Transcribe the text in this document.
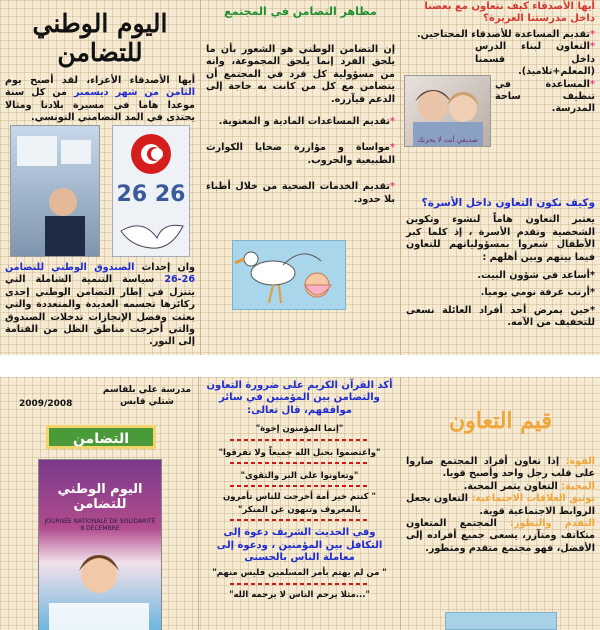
أيها الأصدقاء كيف نتعاون مع بعضنا داخل مدرستنا العزيزة؟

*تقديم المساعدة للأصدقاء المحتاجين.

*التعاون لبناء الدرس داخل قسمنا (المعلم+تلاميذ).

*المساعدة في تنظيف ساحة المدرسة.

صديقي أنت لا يحزنك

وكيف نكون التعاون داخل الأسرة؟

يعتبر التعاون هاماً لنشوء وتكوين الشخصية وتقدم الأسرة ، إذ كلما كبر الأطفال شعروا بمسؤولياتهم للتعاون فيما بينهم وبين أهلهم :

*أساعد في شؤون البيت.

*أرتب غرفة نومي يوميا.

*حين يمرض أحد أفراد العائلة نسعى للتخفيف من الآمه.

مظاهر التضامن في المجتمع

إن التضامن الوطني هو الشعور بأن ما يلحق الفرد إنما يلحق المجموعة، وانه من مسؤولية كل فرد في المجتمع أن يتضامن مع كل من كانت به حاجة إلى الدعم فيآزره.

*تقديم المساعدات المادية و المعنوية.

*مواساة و مؤازرة ضحايا الكوارث الطبيعية والحروب.

*تقديم الخدمات الصحية من خلال أطباء بلا حدود.

اليوم الوطني للتضامن

أيها الأصدقاء الأعزاء، لقد أصبح يوم الثامن من شهر ديسمبر من كل سنة موعدا هاما في مسيرة بلادنا ومثالا يحتذى في المد التضامني التونسي.

26 26

وان إحداث الصندوق الوطني للتضامن 26-26 سياسة التنمية الشاملة التي يتنزل في إطار التضامن الوطني إحدى ركائزها تجسمه العديدة والمتعددة والتي بعثت وفضل الإنجازات تدخلات الصندوق والتي أخرجت مناطق الظل من القتامة إلى النور.

قيم التعاون

القوة: إذا تعاون أفراد المجتمع صاروا على قلب رجل واحد وأصبح قويا.

المحبة: التعاون يثمر المحبة.

توثيق العلاقات الاجتماعية: التعاون يجعل الروابط الاجتماعية قوية.

التقدم والتطور: المجتمع المتعاون متكاتف ومتآزر، يسعى جميع أفراده إلى الأفضل، فهو مجتمع متقدم ومتطور.

أكد القرآن الكريم على ضرورة التعاون والتضامن بين المؤمنين في سائر مواقفهم، قال تعالى:

"إنما المؤمنون إخوة"

"واعتصموا بحبل الله جميعاً ولا تفرقوا"

"وتعاونوا على البر والتقوى"

" كنتم خير أمة أخرجت للناس تأمرون بالمعروف وتنهون عن المنكر"

وفي الحديث الشريف دعوة إلى التكافل بين المؤمنين ، ودعوة إلى معاملة الناس بالحسنى

" من لم يهتم بأمر المسلمين فليس منهم"

"...مثلا يرحم الناس لا يرحمه الله"

مدرسة علي بلقاسم شتلي قابس

2009/2008

التضامن
اليوم الوطني للتضامن
JOURNÉE NATIONALE DE SOLIDARITÉ
8 DÉCEMBRE
